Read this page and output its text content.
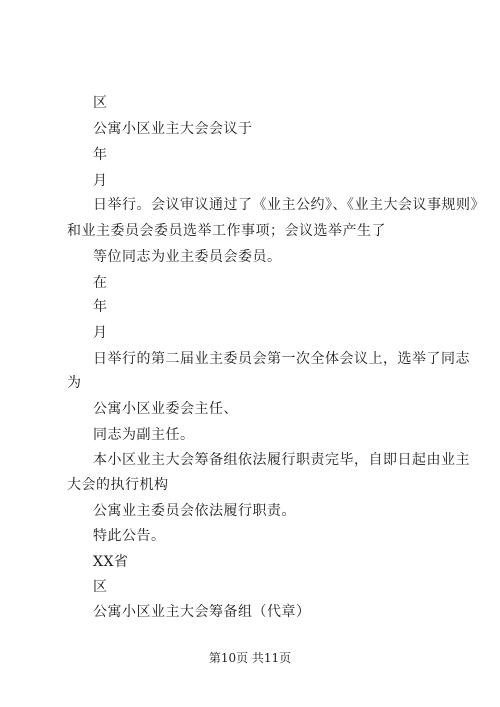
区
公寓小区业主大会会议于
年
月
日举行。会议审议通过了《业主公约》、《业主大会议事规则》
和业主委员会委员选举工作事项；会议选举产生了
等位同志为业主委员会委员。
在
年
月
日举行的第二届业主委员会第一次全体会议上，选举了同志
为
公寓小区业委会主任、
同志为副主任。
本小区业主大会筹备组依法履行职责完毕，自即日起由业主
大会的执行机构
公寓业主委员会依法履行职责。
特此公告。
XX省
区
公寓小区业主大会筹备组（代章）
第10页 共11页
